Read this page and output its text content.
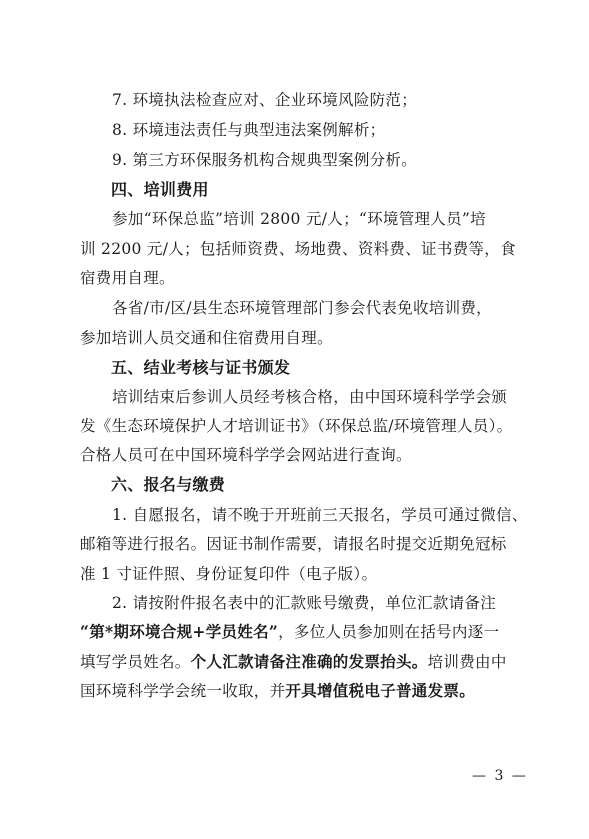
7. 环境执法检查应对、企业环境风险防范；
8. 环境违法责任与典型违法案例解析；
9. 第三方环保服务机构合规典型案例分析。
四、培训费用
参加“环保总监”培训 2800 元/人；“环境管理人员”培
训 2200 元/人；包括师资费、场地费、资料费、证书费等，食
宿费用自理。
各省/市/区/县生态环境管理部门参会代表免收培训费，
参加培训人员交通和住宿费用自理。
五、结业考核与证书颁发
培训结束后参训人员经考核合格，由中国环境科学学会颁
发《生态环境保护人才培训证书》（环保总监/环境管理人员）。
合格人员可在中国环境科学学会网站进行查询。
六、报名与缴费
1. 自愿报名，请不晚于开班前三天报名，学员可通过微信、
邮箱等进行报名。因证书制作需要，请报名时提交近期免冠标
准 1 寸证件照、身份证复印件（电子版）。
2. 请按附件报名表中的汇款账号缴费，单位汇款请备注
“第*期环境合规+学员姓名”，多位人员参加则在括号内逐一
填写学员姓名。个人汇款请备注准确的发票抬头。培训费由中
国环境科学学会统一收取，并开具增值税电子普通发票。
— 3 —
